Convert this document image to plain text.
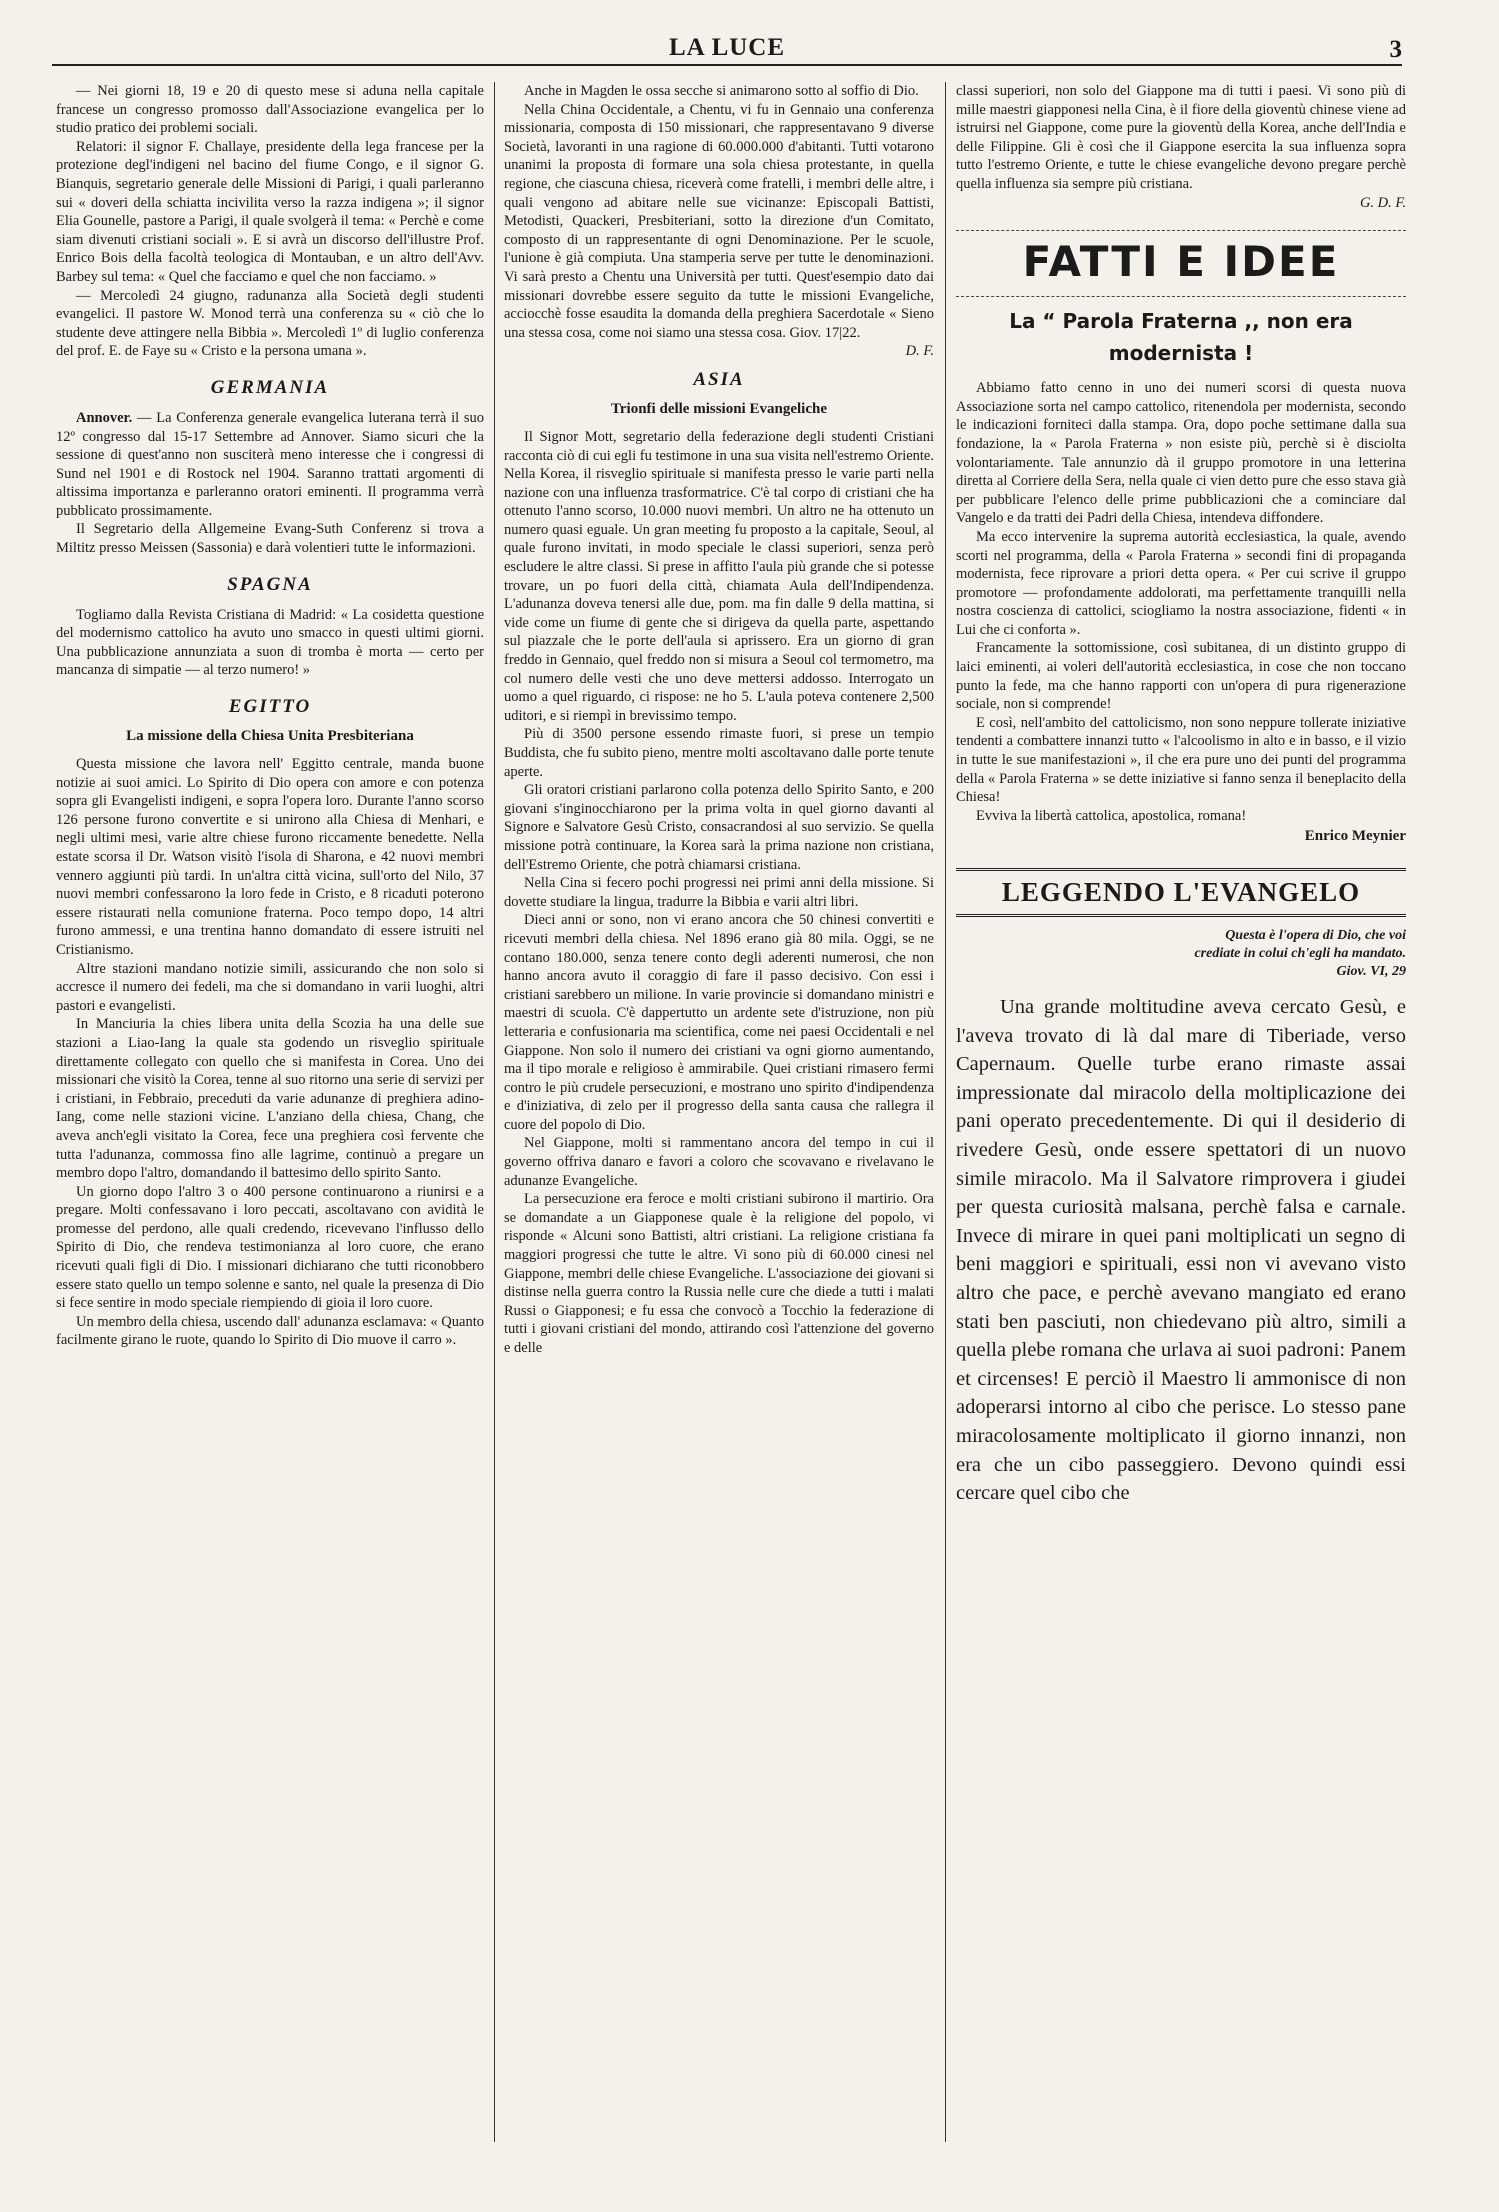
LA LUCE	3

— Nei giorni 18, 19 e 20 di questo mese si aduna nella capitale francese un congresso promosso dall'Associazione evangelica per lo studio pratico dei problemi sociali.

Relatori: il signor F. Challaye, presidente della lega francese per la protezione degl'indigeni nel bacino del fiume Congo, e il signor G. Bianquis, segretario generale delle Missioni di Parigi, i quali parleranno sui « doveri della schiatta incivilita verso la razza indigena »; il signor Elia Gounelle, pastore a Parigi, il quale svolgerà il tema: « Perchè e come siam divenuti cristiani sociali ». E si avrà un discorso dell'illustre Prof. Enrico Bois della facoltà teologica di Montauban, e un altro dell'Avv. Barbey sul tema: « Quel che facciamo e quel che non facciamo. »

— Mercoledì 24 giugno, radunanza alla Società degli studenti evangelici. Il pastore W. Monod terrà una conferenza su « ciò che lo studente deve attingere nella Bibbia ». Mercoledì 1º di luglio conferenza del prof. E. de Faye su « Cristo e la persona umana ».

GERMANIA

Annover. — La Conferenza generale evangelica luterana terrà il suo 12º congresso dal 15-17 Settembre ad Annover. Siamo sicuri che la sessione di quest'anno non susciterà meno interesse che i congressi di Sund nel 1901 e di Rostock nel 1904. Saranno trattati argomenti di altissima importanza e parleranno oratori eminenti. Il programma verrà pubblicato prossimamente.

Il Segretario della Allgemeine Evang-Suth Conferenz si trova a Miltitz presso Meissen (Sassonia) e darà volentieri tutte le informazioni.

SPAGNA

Togliamo dalla Revista Cristiana di Madrid: « La cosidetta questione del modernismo cattolico ha avuto uno smacco in questi ultimi giorni. Una pubblicazione annunziata a suon di tromba è morta — certo per mancanza di simpatie — al terzo numero! »

EGITTO
La missione della Chiesa Unita Presbiteriana

Questa missione che lavora nell' Eggitto centrale, manda buone notizie ai suoi amici. Lo Spirito di Dio opera con amore e con potenza sopra gli Evangelisti indigeni, e sopra l'opera loro. Durante l'anno scorso 126 persone furono convertite e si unirono alla Chiesa di Menhari, e negli ultimi mesi, varie altre chiese furono riccamente benedette. Nella estate scorsa il Dr. Watson visitò l'isola di Sharona, e 42 nuovi membri vennero aggiunti più tardi. In un'altra città vicina, sull'orto del Nilo, 37 nuovi membri confessarono la loro fede in Cristo, e 8 ricaduti poterono essere ristaurati nella comunione fraterna. Poco tempo dopo, 14 altri furono ammessi, e una trentina hanno domandato di essere istruiti nel Cristianismo.

Altre stazioni mandano notizie simili, assicurando che non solo si accresce il numero dei fedeli, ma che si domandano in varii luoghi, altri pastori e evangelisti.

In Manciuria la chies libera unita della Scozia ha una delle sue stazioni a Liao-Iang la quale sta godendo un risveglio spirituale direttamente collegato con quello che si manifesta in Corea. Uno dei missionari che visitò la Corea, tenne al suo ritorno una serie di servizi per i cristiani, in Febbraio, preceduti da varie adunanze di preghiera adino-Iang, come nelle stazioni vicine. L'anziano della chiesa, Chang, che aveva anch'egli visitato la Corea, fece una preghiera così fervente che tutta l'adunanza, commossa fino alle lagrime, continuò a pregare un membro dopo l'altro, domandando il battesimo dello spirito Santo.

Un giorno dopo l'altro 3 o 400 persone continuarono a riunirsi e a pregare. Molti confessavano i loro peccati, ascoltavano con avidità le promesse del perdono, alle quali credendo, ricevevano l'influsso dello Spirito di Dio, che rendeva testimonianza al loro cuore, che erano ricevuti quali figli di Dio. I missionari dichiarano che tutti riconobbero essere stato quello un tempo solenne e santo, nel quale la presenza di Dio si fece sentire in modo speciale riempiendo di gioia il loro cuore.

Un membro della chiesa, uscendo dall' adunanza esclamava: « Quanto facilmente girano le ruote, quando lo Spirito di Dio muove il carro ».

Anche in Magden le ossa secche si animarono sotto al soffio di Dio.

Nella China Occidentale, a Chentu, vi fu in Gennaio una conferenza missionaria, composta di 150 missionari, che rappresentavano 9 diverse Società, lavoranti in una ragione di 60.000.000 d'abitanti. Tutti votarono unanimi la proposta di formare una sola chiesa protestante, in quella regione, che ciascuna chiesa, riceverà come fratelli, i membri delle altre, i quali vengono ad abitare nelle sue vicinanze: Episcopali Battisti, Metodisti, Quackeri, Presbiteriani, sotto la direzione d'un Comitato, composto di un rappresentante di ogni Denominazione. Per le scuole, l'unione è già compiuta. Una stamperia serve per tutte le denominazioni. Vi sarà presto a Chentu una Università per tutti. Quest'esempio dato dai missionari dovrebbe essere seguito da tutte le missioni Evangeliche, acciocchè fosse esaudita la domanda della preghiera Sacerdotale « Sieno una stessa cosa, come noi siamo una stessa cosa. Giov. 17|22.

D. F.

ASIA
Trionfi delle missioni Evangeliche

Il Signor Mott, segretario della federazione degli studenti Cristiani racconta ciò di cui egli fu testimone in una sua visita nell'estremo Oriente. Nella Korea, il risveglio spirituale si manifesta presso le varie parti nella nazione con una influenza trasformatrice. C'è tal corpo di cristiani che ha ottenuto l'anno scorso, 10.000 nuovi membri. Un altro ne ha ottenuto un numero quasi eguale. Un gran meeting fu proposto a la capitale, Seoul, al quale furono invitati, in modo speciale le classi superiori, senza però escludere le altre classi. Si prese in affitto l'aula più grande che si potesse trovare, un po fuori della città, chiamata Aula dell'Indipendenza. L'adunanza doveva tenersi alle due, pom. ma fin dalle 9 della mattina, si vide come un fiume di gente che si dirigeva da quella parte, aspettando sul piazzale che le porte dell'aula si aprissero. Era un giorno di gran freddo in Gennaio, quel freddo non si misura a Seoul col termometro, ma col numero delle vesti che uno deve mettersi addosso. Interrogato un uomo a quel riguardo, ci rispose: ne ho 5. L'aula poteva contenere 2,500 uditori, e si riempì in brevissimo tempo.

Più di 3500 persone essendo rimaste fuori, si prese un tempio Buddista, che fu subito pieno, mentre molti ascoltavano dalle porte tenute aperte.

Gli oratori cristiani parlarono colla potenza dello Spirito Santo, e 200 giovani s'inginocchiarono per la prima volta in quel giorno davanti al Signore e Salvatore Gesù Cristo, consacrandosi al suo servizio. Se quella missione potrà continuare, la Korea sarà la prima nazione non cristiana, dell'Estremo Oriente, che potrà chiamarsi cristiana.

Nella Cina si fecero pochi progressi nei primi anni della missione. Si dovette studiare la lingua, tradurre la Bibbia e varii altri libri.

Dieci anni or sono, non vi erano ancora che 50 chinesi convertiti e ricevuti membri della chiesa. Nel 1896 erano già 80 mila. Oggi, se ne contano 180.000, senza tenere conto degli aderenti numerosi, che non hanno ancora avuto il coraggio di fare il passo decisivo. Con essi i cristiani sarebbero un milione. In varie provincie si domandano ministri e maestri di scuola. C'è dappertutto un ardente sete d'istruzione, non più letteraria e confusionaria ma scientifica, come nei paesi Occidentali e nel Giappone. Non solo il numero dei cristiani va ogni giorno aumentando, ma il tipo morale e religioso è ammirabile. Quei cristiani rimasero fermi contro le più crudele persecuzioni, e mostrano uno spirito d'indipendenza e d'iniziativa, di zelo per il progresso della santa causa che rallegra il cuore del popolo di Dio.

Nel Giappone, molti si rammentano ancora del tempo in cui il governo offriva danaro e favori a coloro che scovavano e rivelavano le adunanze Evangeliche.

La persecuzione era feroce e molti cristiani subirono il martirio. Ora se domandate a un Giapponese quale è la religione del popolo, vi risponde « Alcuni sono Battisti, altri cristiani. La religione cristiana fa maggiori progressi che tutte le altre. Vi sono più di 60.000 cinesi nel Giappone, membri delle chiese Evangeliche. L'associazione dei giovani si distinse nella guerra contro la Russia nelle cure che diede a tutti i malati Russi o Giapponesi; e fu essa che convocò a Tocchio la federazione di tutti i giovani cristiani del mondo, attirando così l'attenzione del governo e delle

classi superiori, non solo del Giappone ma di tutti i paesi. Vi sono più di mille maestri giapponesi nella Cina, è il fiore della gioventù chinese viene ad istruirsi nel Giappone, come pure la gioventù della Korea, anche dell'India e delle Filippine. Gli è così che il Giappone esercita la sua influenza sopra tutto l'estremo Oriente, e tutte le chiese evangeliche devono pregare perchè quella influenza sia sempre più cristiana.

G. D. F.

FATTI E IDEE
La “ Parola Fraterna ,, non era modernista !

Abbiamo fatto cenno in uno dei numeri scorsi di questa nuova Associazione sorta nel campo cattolico, ritenendola per modernista, secondo le indicazioni forniteci dalla stampa. Ora, dopo poche settimane dalla sua fondazione, la « Parola Fraterna » non esiste più, perchè si è disciolta volontariamente. Tale annunzio dà il gruppo promotore in una letterina diretta al Corriere della Sera, nella quale ci vien detto pure che esso stava già per pubblicare l'elenco delle prime pubblicazioni che a cominciare dal Vangelo e da tratti dei Padri della Chiesa, intendeva diffondere.

Ma ecco intervenire la suprema autorità ecclesiastica, la quale, avendo scorti nel programma, della « Parola Fraterna » secondi fini di propaganda modernista, fece riprovare a priori detta opera. « Per cui scrive il gruppo promotore — profondamente addolorati, ma perfettamente tranquilli nella nostra coscienza di cattolici, sciogliamo la nostra associazione, fidenti « in Lui che ci conforta ».

Francamente la sottomissione, così subitanea, di un distinto gruppo di laici eminenti, ai voleri dell'autorità ecclesiastica, in cose che non toccano punto la fede, ma che hanno rapporti con un'opera di pura rigenerazione sociale, non si comprende!

E così, nell'ambito del cattolicismo, non sono neppure tollerate iniziative tendenti a combattere innanzi tutto « l'alcoolismo in alto e in basso, e il vizio in tutte le sue manifestazioni », il che era pure uno dei punti del programma della « Parola Fraterna » se dette iniziative si fanno senza il beneplacito della Chiesa!

Evviva la libertà cattolica, apostolica, romana!

Enrico Meynier

LEGGENDO L'EVANGELO
Questa è l'opera di Dio, che voi
crediate in colui ch'egli ha mandato.
Giov. VI, 29

Una grande moltitudine aveva cercato Gesù, e l'aveva trovato di là dal mare di Tiberiade, verso Capernaum. Quelle turbe erano rimaste assai impressionate dal miracolo della moltiplicazione dei pani operato precedentemente. Di qui il desiderio di rivedere Gesù, onde essere spettatori di un nuovo simile miracolo. Ma il Salvatore rimprovera i giudei per questa curiosità malsana, perchè falsa e carnale. Invece di mirare in quei pani moltiplicati un segno di beni maggiori e spirituali, essi non vi avevano visto altro che pace, e perchè avevano mangiato ed erano stati ben pasciuti, non chiedevano più altro, simili a quella plebe romana che urlava ai suoi padroni: Panem et circenses! E perciò il Maestro li ammonisce di non adoperarsi intorno al cibo che perisce. Lo stesso pane miracolosamente moltiplicato il giorno innanzi, non era che un cibo passeggiero. Devono quindi essi cercare quel cibo che
